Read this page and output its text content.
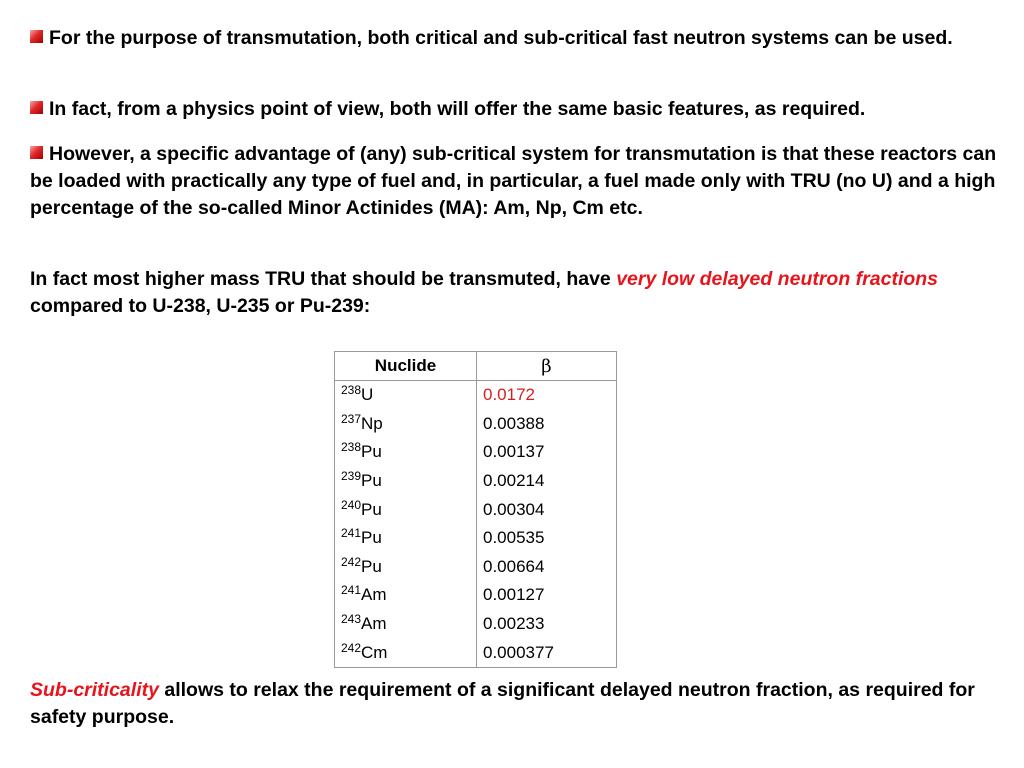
For the purpose of transmutation, both critical and sub-critical fast neutron systems can be used.

In fact, from a physics point of view, both will offer the same basic features, as required.

However, a specific advantage of (any) sub-critical system for transmutation is that these reactors can be loaded with practically any type of fuel and, in particular, a fuel made only with TRU (no U) and a high percentage of the so-called Minor Actinides (MA): Am, Np, Cm etc.

In fact most higher mass TRU that should be transmuted, have very low delayed neutron fractions compared to U-238, U-235 or Pu-239:

Nuclide	β
$^{238}$U	0.0172
$^{237}$Np	0.00388
$^{238}$Pu	0.00137
$^{239}$Pu	0.00214
$^{240}$Pu	0.00304
$^{241}$Pu	0.00535
$^{242}$Pu	0.00664
$^{241}$Am	0.00127
$^{243}$Am	0.00233
$^{242}$Cm	0.000377

Sub-criticality allows to relax the requirement of a significant delayed neutron fraction, as required for safety purpose.
